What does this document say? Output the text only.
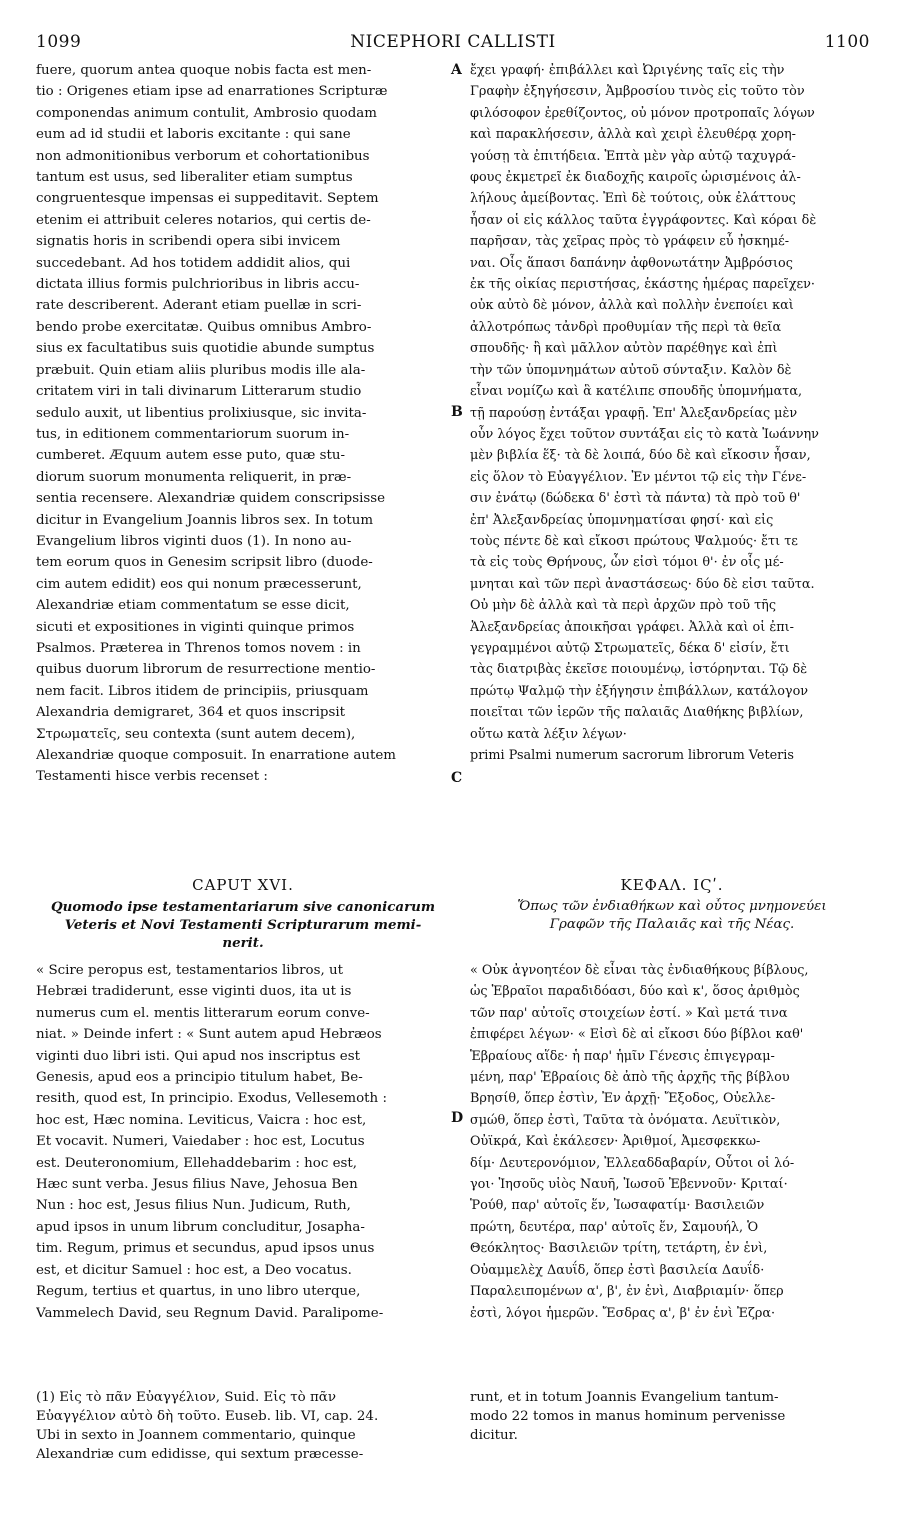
1099	NICEPHORI CALLISTI	1100
A
B
C
D
fuere, quorum antea quoque nobis facta est men-
tio : Origenes etiam ipse ad enarrationes Scripturæ
componendas animum contulit, Ambrosio quodam
eum ad id studii et laboris excitante : qui sane
non admonitionibus verborum et cohortationibus
tantum est usus, sed liberaliter etiam sumptus
congruentesque impensas ei suppeditavit. Septem
etenim ei attribuit celeres notarios, qui certis de-
signatis horis in scribendi opera sibi invicem
succedebant. Ad hos totidem addidit alios, qui
dictata illius formis pulchrioribus in libris accu-
rate describerent. Aderant etiam puellæ in scri-
bendo probe exercitatæ. Quibus omnibus Ambro-
sius ex facultatibus suis quotidie abunde sumptus
præbuit. Quin etiam aliis pluribus modis ille ala-
critatem viri in tali divinarum Litterarum studio
sedulo auxit, ut libentius prolixiusque, sic invita-
tus, in editionem commentariorum suorum in-
cumberet. Æquum autem esse puto, quæ stu-
diorum suorum monumenta reliquerit, in præ-
sentia recensere. Alexandriæ quidem conscripsisse
dicitur in Evangelium Joannis libros sex. In totum
Evangelium libros viginti duos (1). In nono au-
tem eorum quos in Genesim scripsit libro (duode-
cim autem edidit) eos qui nonum præcesserunt,
Alexandriæ etiam commentatum se esse dicit,
sicuti et expositiones in viginti quinque primos
Psalmos. Præterea in Threnos tomos novem : in
quibus duorum librorum de resurrectione mentio-
nem facit. Libros itidem de principiis, priusquam
Alexandria demigraret, 364 et quos inscripsit
Στρωματεῖς, seu contexta (sunt autem decem),
Alexandriæ quoque composuit. In enarratione autem
Testamenti hisce verbis recenset :
ἔχει γραφή· ἐπιβάλλει καὶ Ὠριγένης ταῖς εἰς τὴν
Γραφὴν ἐξηγήσεσιν, Ἀμβροσίου τινὸς εἰς τοῦτο τὸν
φιλόσοφον ἐρεθίζοντος, οὐ μόνον προτροπαῖς λόγων
καὶ παρακλήσεσιν, ἀλλὰ καὶ χειρὶ ἐλευθέρᾳ χορη-
γούσῃ τὰ ἐπιτήδεια. Ἑπτὰ μὲν γὰρ αὐτῷ ταχυγρά-
φους ἐκμετρεῖ ἐκ διαδοχῆς καιροῖς ὡρισμένοις ἀλ-
λήλους ἀμείβοντας. Ἐπὶ δὲ τούτοις, οὐκ ἐλάττους
ἦσαν οἱ εἰς κάλλος ταῦτα ἐγγράφοντες. Καὶ κόραι δὲ
παρῆσαν, τὰς χεῖρας πρὸς τὸ γράφειν εὖ ἠσκημέ-
ναι. Οἷς ἅπασι δαπάνην ἀφθονωτάτην Ἀμβρόσιος
ἐκ τῆς οἰκίας περιστήσας, ἑκάστης ἡμέρας παρεῖχεν·
οὐκ αὐτὸ δὲ μόνον, ἀλλὰ καὶ πολλὴν ἐνεποίει καὶ
ἀλλοτρόπως τἀνδρὶ προθυμίαν τῆς περὶ τὰ θεῖα
σπουδῆς· ἢ καὶ μᾶλλον αὐτὸν παρέθηγε καὶ ἐπὶ
τὴν τῶν ὑπομνημάτων αὐτοῦ σύνταξιν. Καλὸν δὲ
εἶναι νομίζω καὶ ἃ κατέλιπε σπουδῆς ὑπομνήματα,
τῇ παρούσῃ ἐντάξαι γραφῇ. Ἐπ' Ἀλεξανδρείας μὲν
οὖν λόγος ἔχει τοῦτον συντάξαι εἰς τὸ κατὰ Ἰωάννην
μὲν βιβλία ἕξ· τὰ δὲ λοιπά, δύο δὲ καὶ εἴκοσιν ἦσαν,
εἰς ὅλον τὸ Εὐαγγέλιον. Ἐν μέντοι τῷ εἰς τὴν Γένε-
σιν ἐνάτῳ (δώδεκα δ' ἐστὶ τὰ πάντα) τὰ πρὸ τοῦ θ'
ἐπ' Ἀλεξανδρείας ὑπομνηματίσαι φησί· καὶ εἰς
τοὺς πέντε δὲ καὶ εἴκοσι πρώτους Ψαλμούς· ἔτι τε
τὰ εἰς τοὺς Θρήνους, ὧν εἰσὶ τόμοι θ'· ἐν οἷς μέ-
μνηται καὶ τῶν περὶ ἀναστάσεως· δύο δὲ εἰσι ταῦτα.
Οὐ μὴν δὲ ἀλλὰ καὶ τὰ περὶ ἀρχῶν πρὸ τοῦ τῆς
Ἀλεξανδρείας ἀποικῆσαι γράφει. Ἀλλὰ καὶ οἱ ἐπι-
γεγραμμένοι αὐτῷ Στρωματεῖς, δέκα δ' εἰσίν, ἔτι
τὰς διατριβὰς ἐκεῖσε ποιουμένῳ, ἱστόρηνται. Τῷ δὲ
πρώτῳ Ψαλμῷ τὴν ἐξήγησιν ἐπιβάλλων, κατάλογον
ποιεῖται τῶν ἱερῶν τῆς παλαιᾶς Διαθήκης βιβλίων,
οὕτω κατὰ λέξιν λέγων·
primi Psalmi numerum sacrorum librorum Veteris
CAPUT XVI.
Quomodo ipse testamentariarum sive canonicarum
Veteris et Novi Testamenti Scripturarum memi-
nerit.
« Scire peropus est, testamentarios libros, ut
Hebræi tradiderunt, esse viginti duos, ita ut is
numerus cum el. mentis litterarum eorum conve-
niat. » Deinde infert : « Sunt autem apud Hebræos
viginti duo libri isti. Qui apud nos inscriptus est
Genesis, apud eos a principio titulum habet, Be-
resith, quod est, In principio. Exodus, Vellesemoth :
hoc est, Hæc nomina. Leviticus, Vaicra : hoc est,
Et vocavit. Numeri, Vaiedaber : hoc est, Locutus
est. Deuteronomium, Ellehaddebarim : hoc est,
Hæc sunt verba. Jesus filius Nave, Jehosua Ben
Nun : hoc est, Jesus filius Nun. Judicum, Ruth,
apud ipsos in unum librum concluditur, Josapha-
tim. Regum, primus et secundus, apud ipsos unus
est, et dicitur Samuel : hoc est, a Deo vocatus.
Regum, tertius et quartus, in uno libro uterque,
Vammelech David, seu Regnum David. Paralipome-
ΚΕΦΑΛ. ΙϚʹ.
Ὅπως τῶν ἐνδιαθήκων καὶ οὗτος μνημονεύει
Γραφῶν τῆς Παλαιᾶς καὶ τῆς Νέας.
« Οὐκ ἀγνοητέον δὲ εἶναι τὰς ἐνδιαθήκους βίβλους,
ὡς Ἑβραῖοι παραδιδόασι, δύο καὶ κ', ὅσος ἀριθμὸς
τῶν παρ' αὐτοῖς στοιχείων ἐστί. » Καὶ μετά τινα
ἐπιφέρει λέγων· « Εἰσὶ δὲ αἱ εἴκοσι δύο βίβλοι καθ'
Ἑβραίους αἵδε· ἡ παρ' ἡμῖν Γένεσις ἐπιγεγραμ-
μένη, παρ' Ἑβραίοις δὲ ἀπὸ τῆς ἀρχῆς τῆς βίβλου
Βρησίθ, ὅπερ ἐστὶν, Ἐν ἀρχῇ· Ἔξοδος, Οὐελλε-
σμώθ, ὅπερ ἐστὶ, Ταῦτα τὰ ὀνόματα. Λευϊτικὸν,
Οὐϊκρά, Καὶ ἐκάλεσεν· Ἀριθμοί, Ἀμεσφεκκω-
δίμ· Δευτερονόμιον, Ἐλλεαδδαβαρίν, Οὗτοι οἱ λό-
γοι· Ἰησοῦς υἱὸς Ναυῆ, Ἰωσοῦ Ἐβεννοῦν· Κριταί·
Ῥούθ, παρ' αὐτοῖς ἕν, Ἰωσαφατίμ· Βασιλειῶν
πρώτη, δευτέρα, παρ' αὐτοῖς ἕν, Σαμουήλ, Ὁ
Θεόκλητος· Βασιλειῶν τρίτη, τετάρτη, ἐν ἑνὶ,
Οὐαμμελὲχ Δαυΐδ, ὅπερ ἐστὶ βασιλεία Δαυΐδ·
Παραλειπομένων α', β', ἐν ἑνὶ, Διαβριαμίν· ὅπερ
ἐστὶ, λόγοι ἡμερῶν. Ἔσδρας α', β' ἐν ἑνὶ Ἐζρα·
(1) Εἰς τὸ πᾶν Εὐαγγέλιον, Suid. Εἰς τὸ πᾶν
Εὐαγγέλιον αὐτὸ δὴ τοῦτο. Euseb. lib. VI, cap. 24.
Ubi in sexto in Joannem commentario, quinque
Alexandriæ cum edidisse, qui sextum præcesse-
runt, et in totum Joannis Evangelium tantum-
modo 22 tomos in manus hominum pervenisse
dicitur.
